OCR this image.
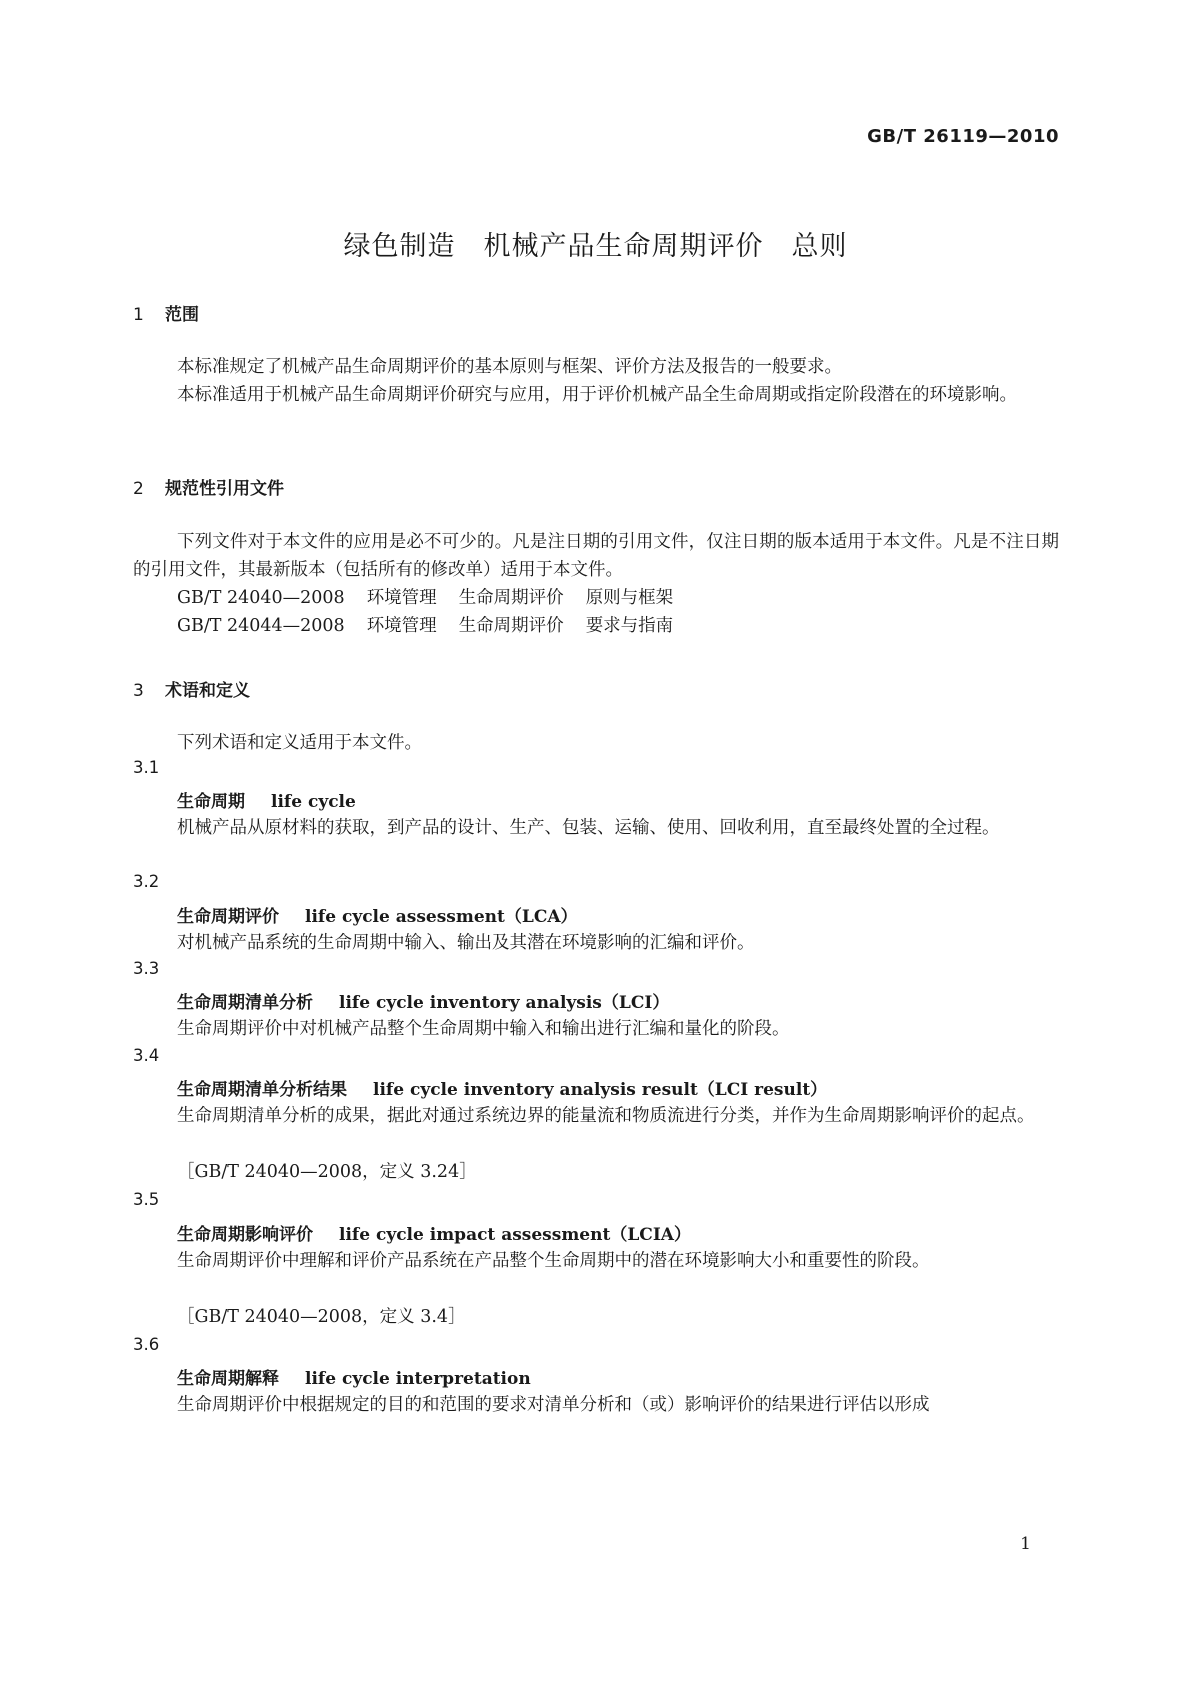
GB/T 26119—2010
绿色制造　机械产品生命周期评价　总则
1 范围
本标准规定了机械产品生命周期评价的基本原则与框架、评价方法及报告的一般要求。
本标准适用于机械产品生命周期评价研究与应用，用于评价机械产品全生命周期或指定阶段潜在的环境影响。
2 规范性引用文件
下列文件对于本文件的应用是必不可少的。凡是注日期的引用文件，仅注日期的版本适用于本文件。凡是不注日期的引用文件，其最新版本（包括所有的修改单）适用于本文件。
GB/T 24040—2008 环境管理 生命周期评价 原则与框架
GB/T 24044—2008 环境管理 生命周期评价 要求与指南
3 术语和定义
下列术语和定义适用于本文件。
3.1
生命周期 life cycle
机械产品从原材料的获取，到产品的设计、生产、包装、运输、使用、回收利用，直至最终处置的全过程。
3.2
生命周期评价 life cycle assessment（LCA）
对机械产品系统的生命周期中输入、输出及其潜在环境影响的汇编和评价。
3.3
生命周期清单分析 life cycle inventory analysis（LCI）
生命周期评价中对机械产品整个生命周期中输入和输出进行汇编和量化的阶段。
3.4
生命周期清单分析结果 life cycle inventory analysis result（LCI result）
生命周期清单分析的成果，据此对通过系统边界的能量流和物质流进行分类，并作为生命周期影响评价的起点。
［GB/T 24040—2008，定义 3.24］
3.5
生命周期影响评价 life cycle impact assessment（LCIA）
生命周期评价中理解和评价产品系统在产品整个生命周期中的潜在环境影响大小和重要性的阶段。
［GB/T 24040—2008，定义 3.4］
3.6
生命周期解释 life cycle interpretation
生命周期评价中根据规定的目的和范围的要求对清单分析和（或）影响评价的结果进行评估以形成
1
